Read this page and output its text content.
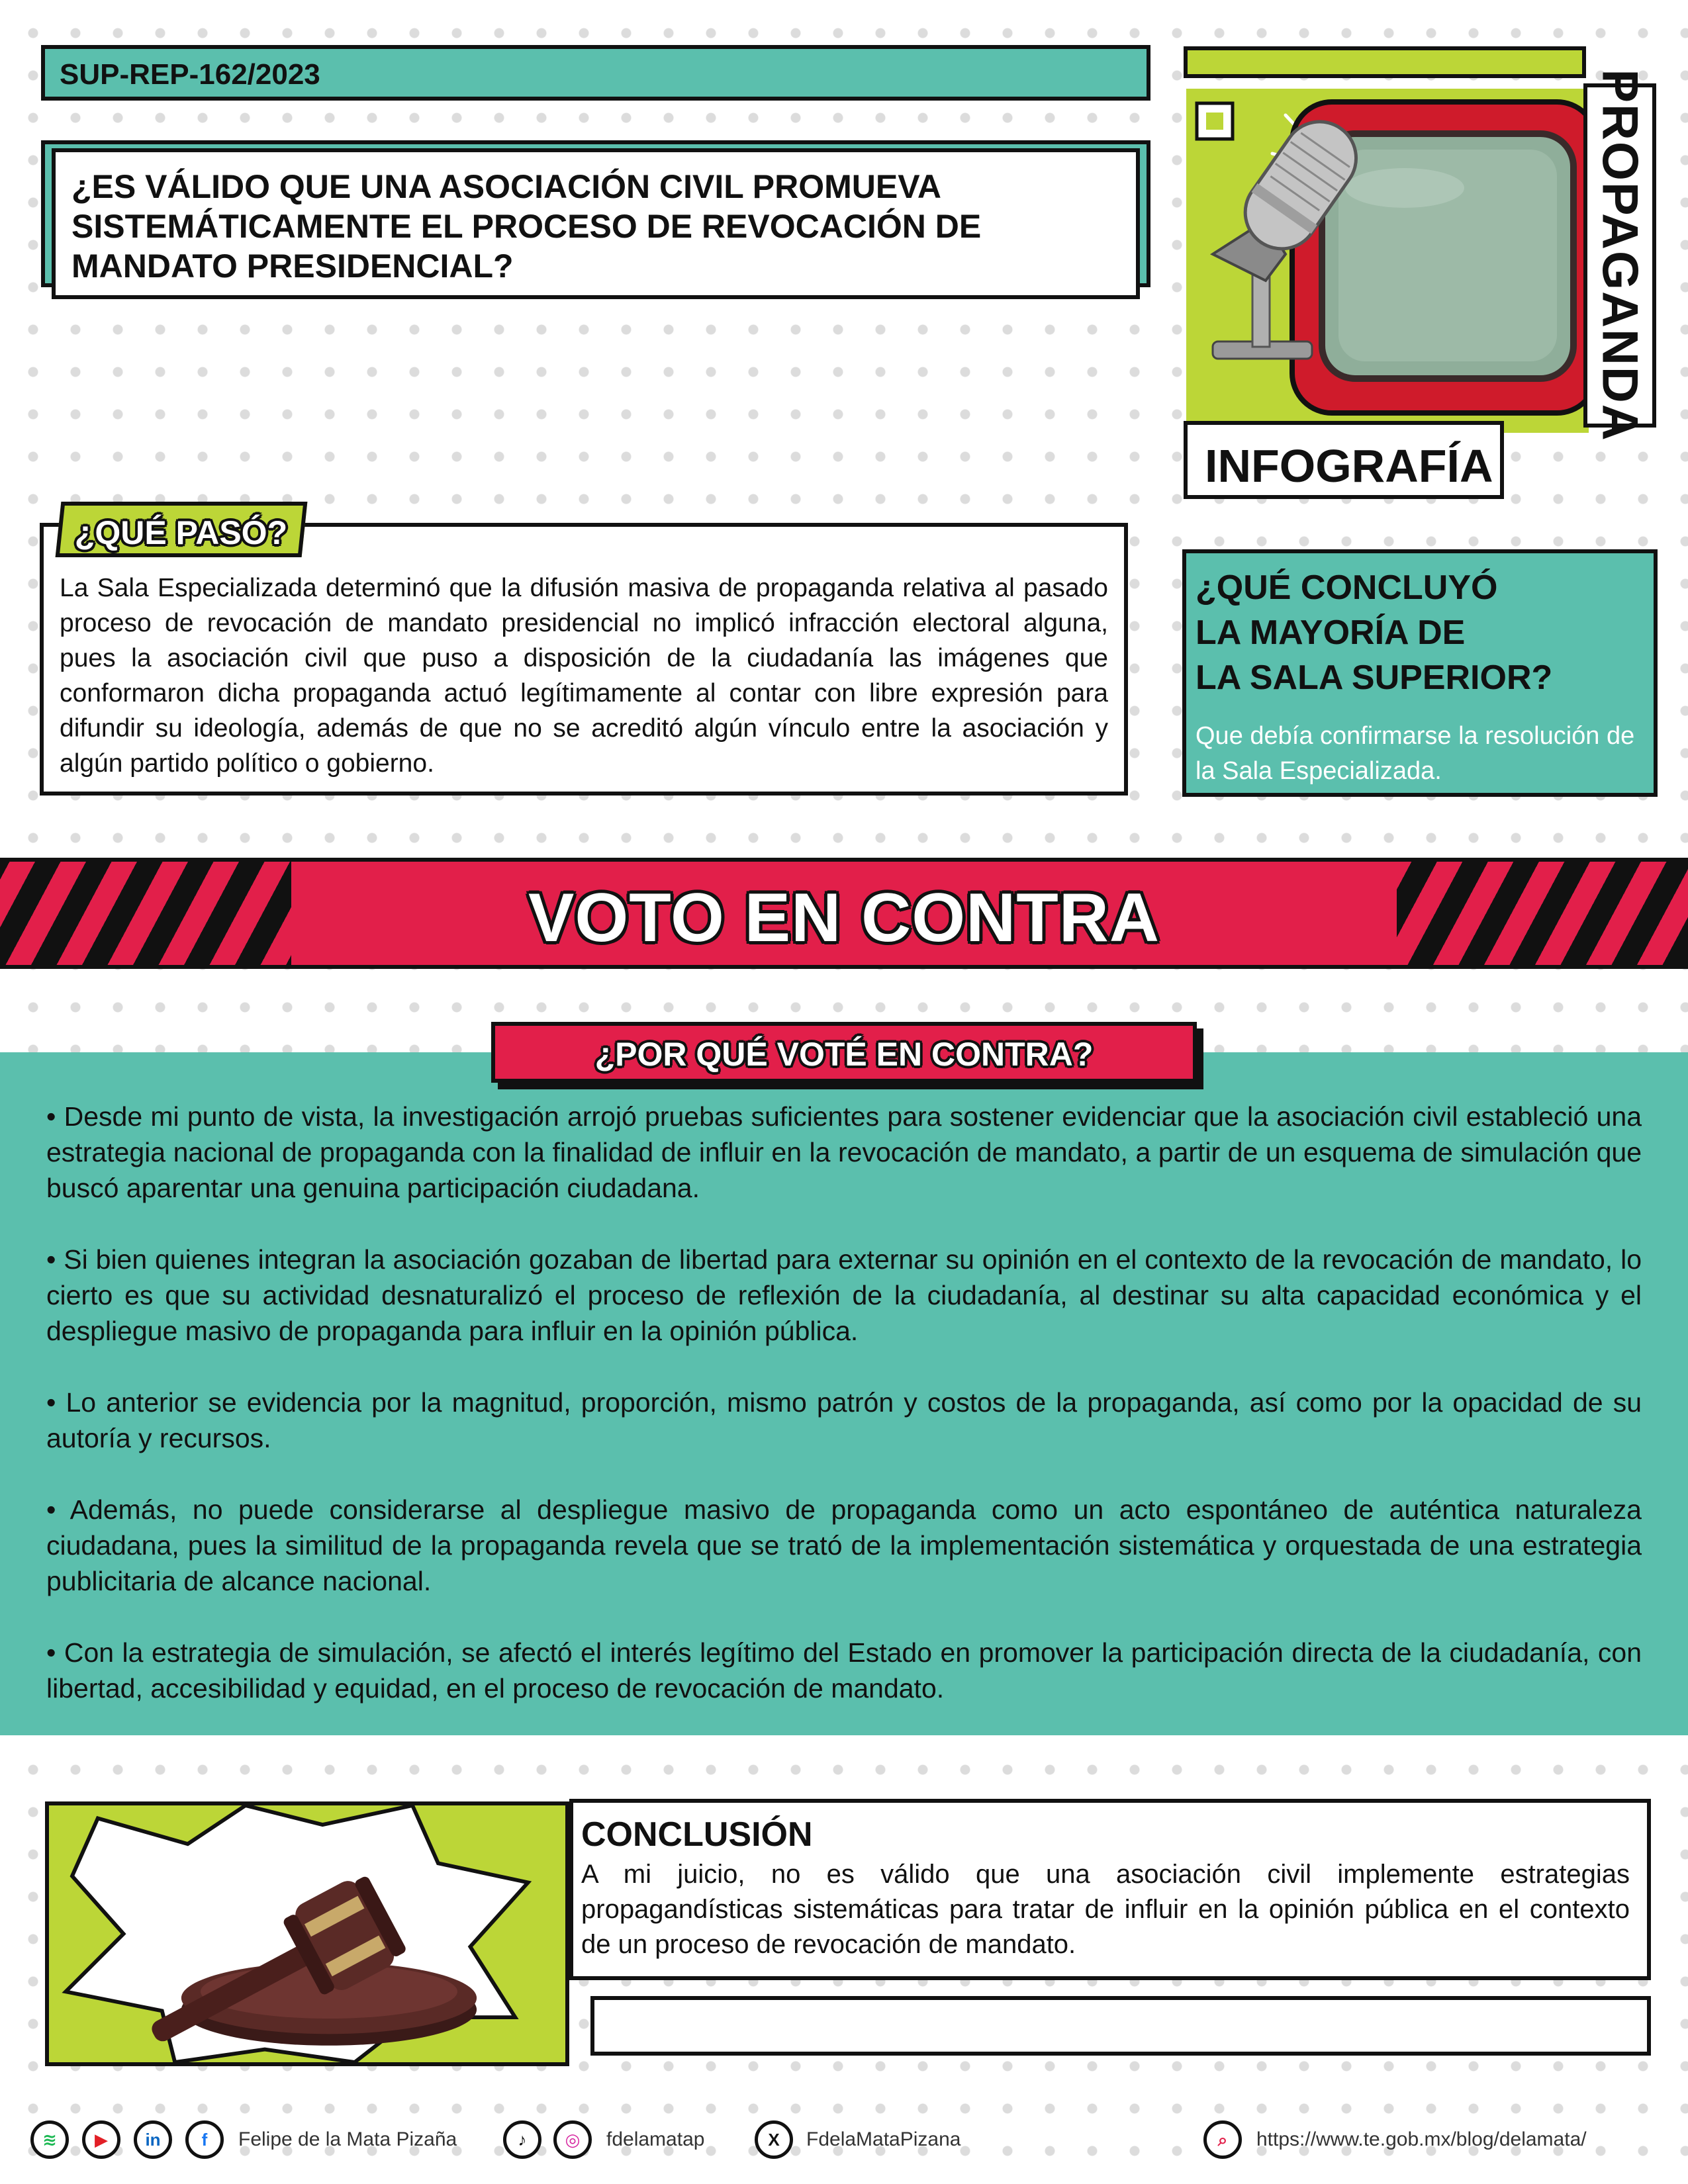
SUP-REP-162/2023

¿ES VÁLIDO QUE UNA ASOCIACIÓN CIVIL PROMUEVA SISTEMÁTICAMENTE EL PROCESO DE REVOCACIÓN DE MANDATO PRESIDENCIAL?	PROPAGANDA
INFOGRAFÍA

La Sala Especializada determinó que la difusión masiva de propaganda relativa al pasado proceso de revocación de mandato presidencial no implicó infracción electoral alguna, pues la asociación civil que puso a disposición de la ciudadanía las imágenes que conformaron dicha propaganda actuó legítimamente al contar con libre expresión para difundir su ideología, además de que no se acreditó algún vínculo entre la asociación y algún partido político o gobierno.

¿QUÉ PASÓ?
¿QUÉ CONCLUYÓ
LA MAYORÍA DE
LA SALA SUPERIOR?

Que debía confirmarse la resolución de la Sala Especializada.

VOTO EN CONTRA
¿POR QUÉ VOTÉ EN CONTRA?

• Desde mi punto de vista, la investigación arrojó pruebas suficientes para sostener evidenciar que la asociación civil estableció una estrategia nacional de propaganda con la finalidad de influir en la revocación de mandato, a partir de un esquema de simulación que buscó aparentar una genuina participación ciudadana.

• Si bien quienes integran la asociación gozaban de libertad para externar su opinión en el contexto de la revocación de mandato, lo cierto es que su actividad desnaturalizó el proceso de reflexión de la ciudadanía, al destinar su alta capacidad económica y el despliegue masivo de propaganda para influir en la opinión pública.

• Lo anterior se evidencia por la magnitud, proporción, mismo patrón y costos de la propaganda, así como por la opacidad de su autoría y recursos.

• Además, no puede considerarse al despliegue masivo de propaganda como un acto espontáneo de auténtica naturaleza ciudadana, pues la similitud de la propaganda revela que se trató de la implementación sistemática y orquestada de una estrategia publicitaria de alcance nacional.

• Con la estrategia de simulación, se afectó el interés legítimo del Estado en promover la participación directa de la ciudadanía, con libertad, accesibilidad y equidad, en el proceso de revocación de mandato.

CONCLUSIÓN

A mi juicio, no es válido que una asociación civil implemente estrategias propagandísticas sistemáticas para tratar de influir en la opinión pública en el contexto de un proceso de revocación de mandato.

≋	▶	in	f	Felipe de la Mata Pizaña	♪	◎	fdelamatap	X	FdelaMataPizana	⌕	https://www.te.gob.mx/blog/delamata/
